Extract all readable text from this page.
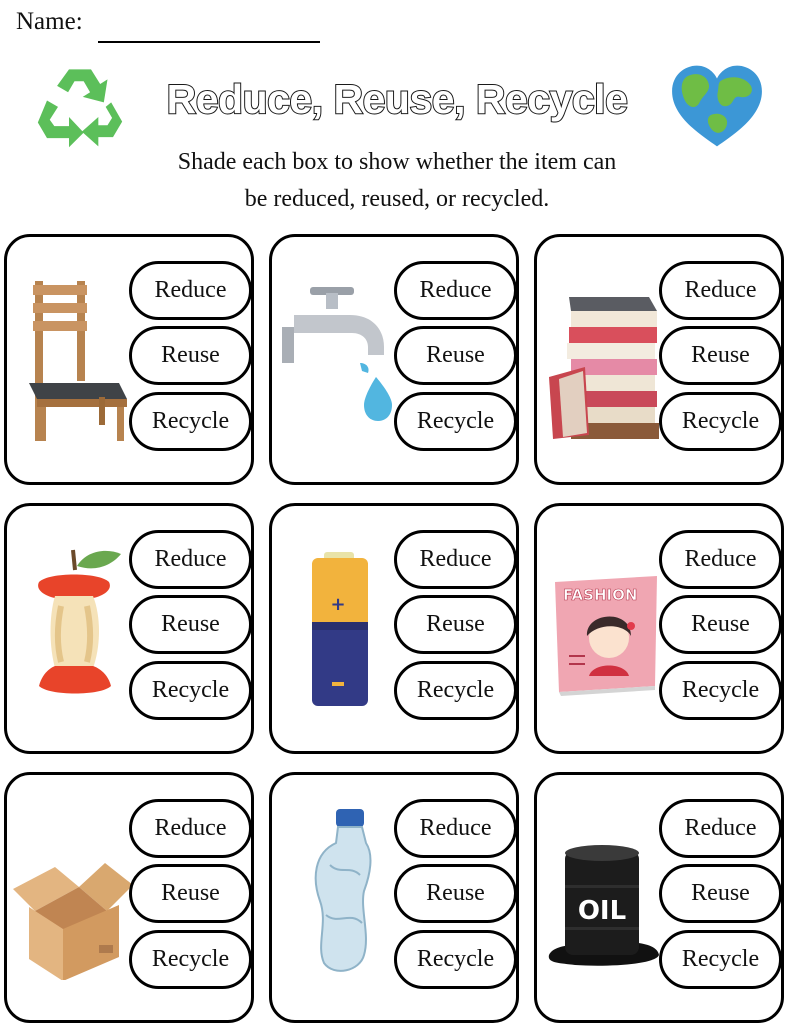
Name:
Reduce, Reuse, Recycle
Shade each box to show whether the item can
be reduced, reused, or recycled.
Reduce
Reuse
Recycle
Reduce
Reuse
Recycle
Reduce
Reuse
Recycle
Reduce
Reuse
Recycle
+
Reduce
Reuse
Recycle
FASHION
Reduce
Reuse
Recycle
Reduce
Reuse
Recycle
Reduce
Reuse
Recycle
OIL
Reduce
Reuse
Recycle
